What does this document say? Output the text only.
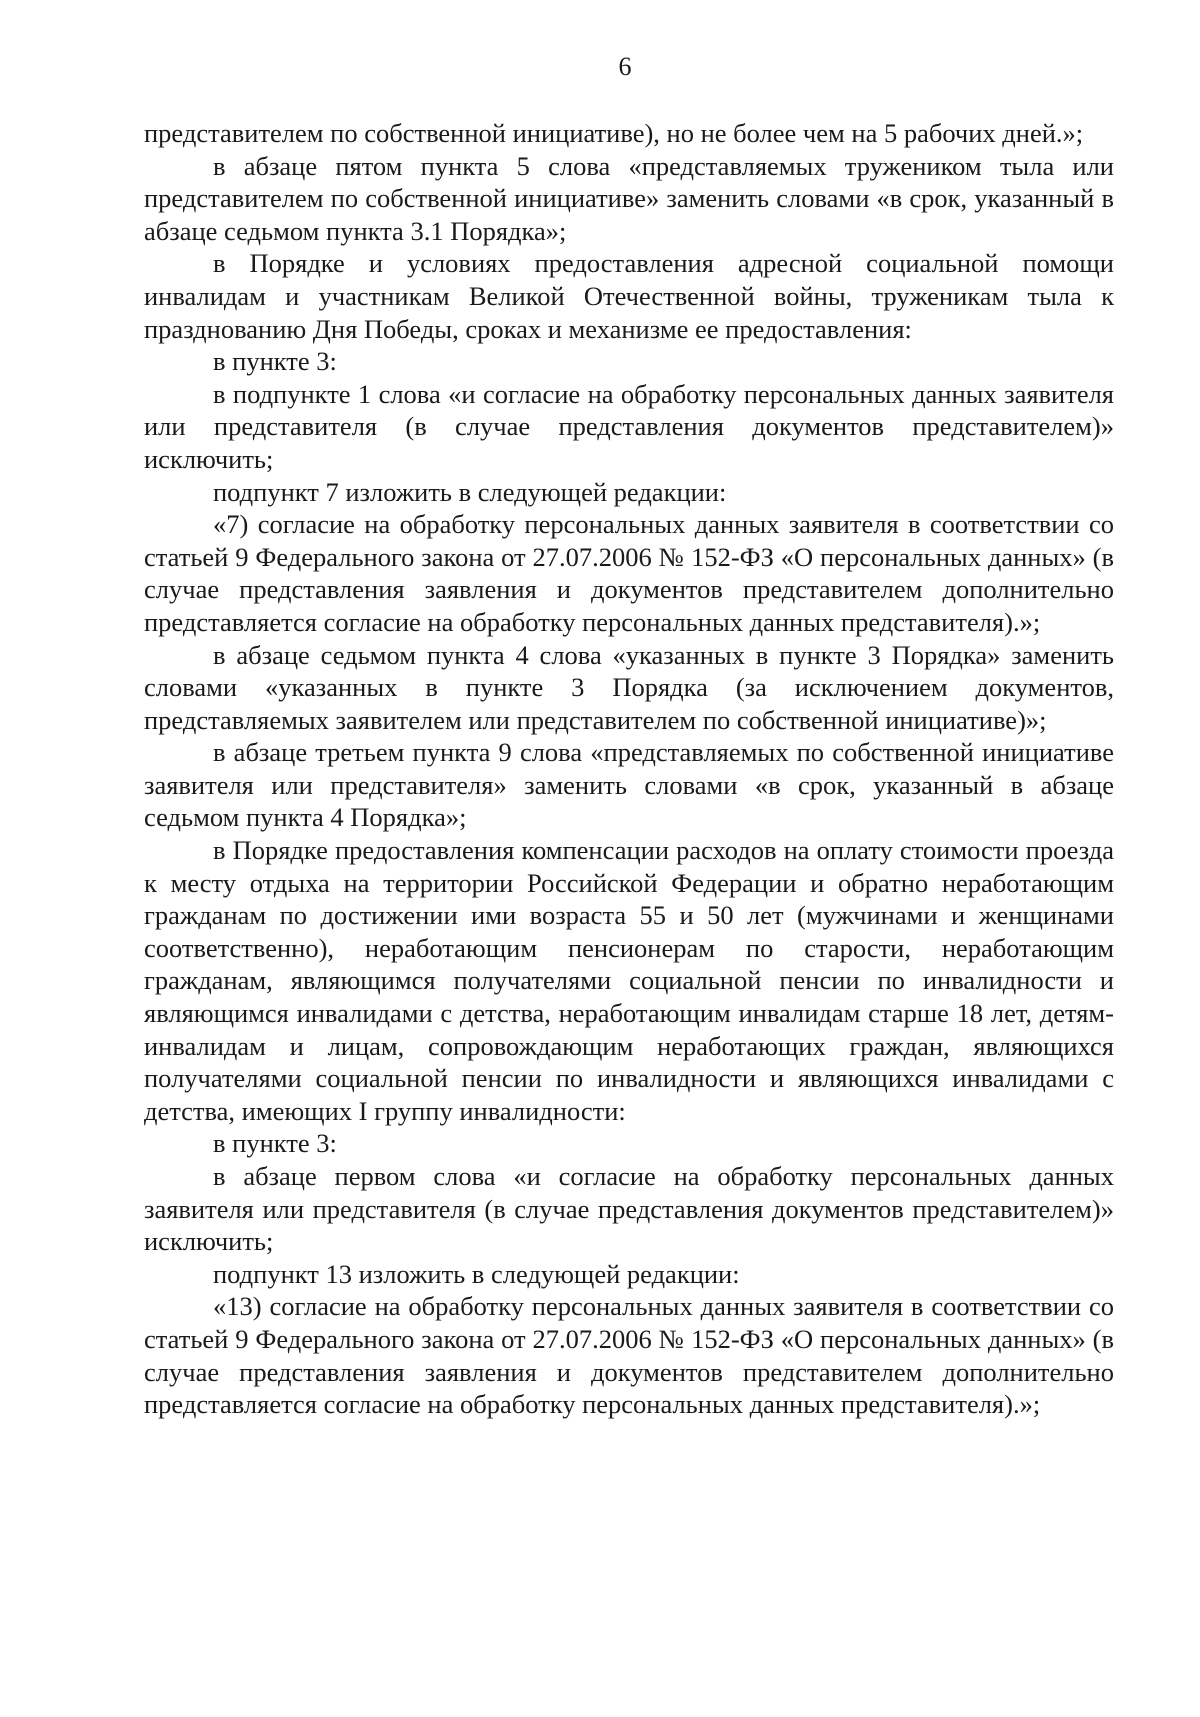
6

представителем по собственной инициативе), но не более чем на 5 рабочих дней.»;

в абзаце пятом пункта 5 слова «представляемых тружеником тыла или представителем по собственной инициативе» заменить словами «в срок, указанный в абзаце седьмом пункта 3.1 Порядка»;

в Порядке и условиях предоставления адресной социальной помощи инвалидам и участникам Великой Отечественной войны, труженикам тыла к празднованию Дня Победы, сроках и механизме ее предоставления:

в пункте 3:

в подпункте 1 слова «и согласие на обработку персональных данных заявителя или представителя (в случае представления документов представителем)» исключить;

подпункт 7 изложить в следующей редакции:

«7) согласие на обработку персональных данных заявителя в соответствии со статьей 9 Федерального закона от 27.07.2006 № 152-ФЗ «О персональных данных» (в случае представления заявления и документов представителем дополнительно представляется согласие на обработку персональных данных представителя).»;

в абзаце седьмом пункта 4 слова «указанных в пункте 3 Порядка» заменить словами «указанных в пункте 3 Порядка (за исключением документов, представляемых заявителем или представителем по собственной инициативе)»;

в абзаце третьем пункта 9 слова «представляемых по собственной инициативе заявителя или представителя» заменить словами «в срок, указанный в абзаце седьмом пункта 4 Порядка»;

в Порядке предоставления компенсации расходов на оплату стоимости проезда к месту отдыха на территории Российской Федерации и обратно неработающим гражданам по достижении ими возраста 55 и 50 лет (мужчинами и женщинами соответственно), неработающим пенсионерам по старости, неработающим гражданам, являющимся получателями социальной пенсии по инвалидности и являющимся инвалидами с детства, неработающим инвалидам старше 18 лет, детям-инвалидам и лицам, сопровождающим неработающих граждан, являющихся получателями социальной пенсии по инвалидности и являющихся инвалидами с детства, имеющих I группу инвалидности:

в пункте 3:

в абзаце первом слова «и согласие на обработку персональных данных заявителя или представителя (в случае представления документов представителем)» исключить;

подпункт 13 изложить в следующей редакции:

«13) согласие на обработку персональных данных заявителя в соответствии со статьей 9 Федерального закона от 27.07.2006 № 152-ФЗ «О персональных данных» (в случае представления заявления и документов представителем дополнительно представляется согласие на обработку персональных данных представителя).»;
